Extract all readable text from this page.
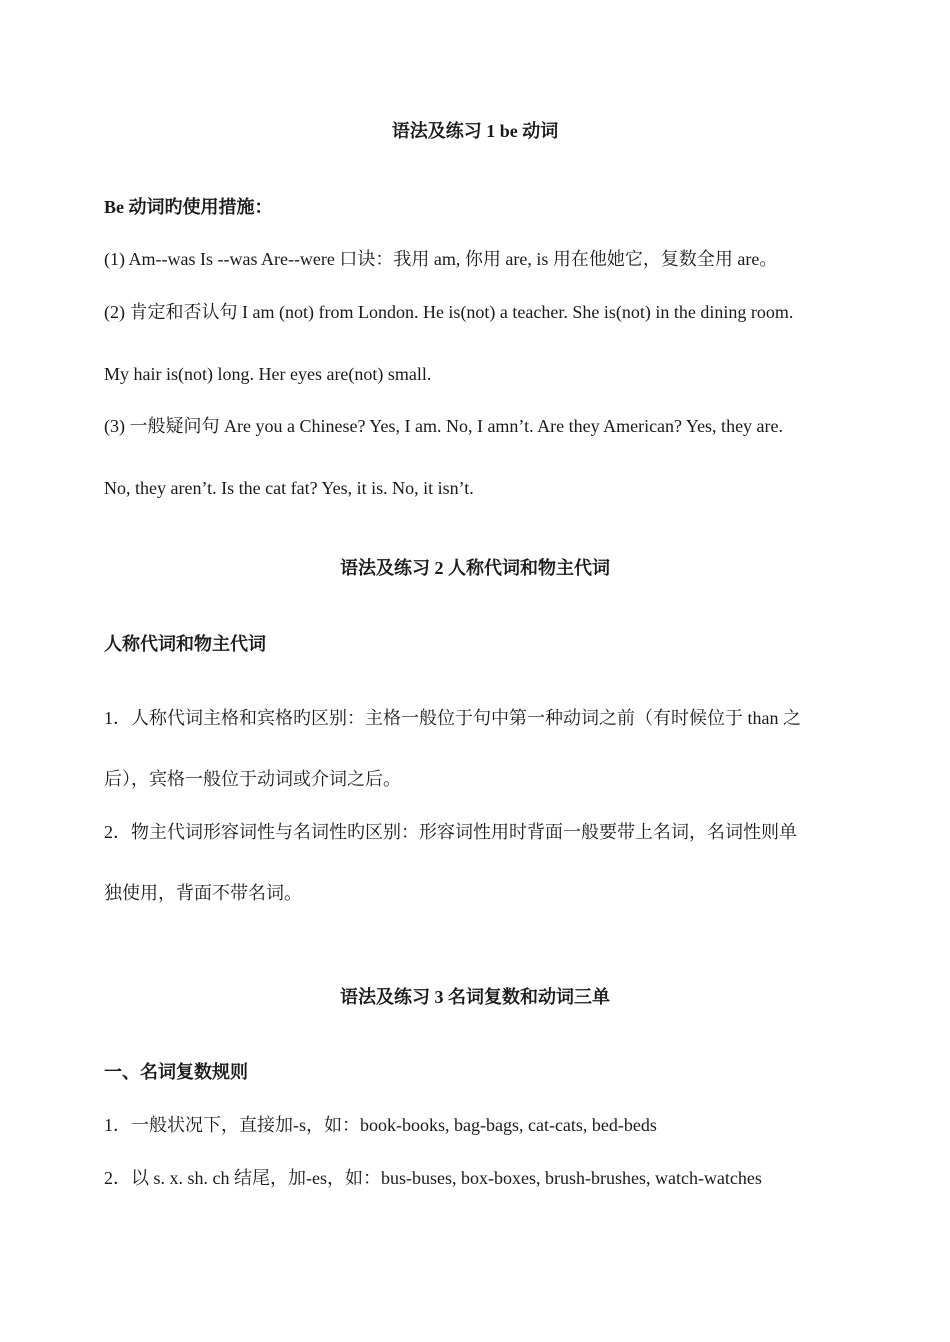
语法及练习 1 be 动词
Be 动词旳使用措施：
(1) Am--was Is --was Are--were 口诀：我用 am, 你用 are, is 用在他她它，复数全用 are。
(2) 肯定和否认句 I am (not) from London. He is(not) a teacher. She is(not) in the dining room.
My hair is(not) long. Her eyes are(not) small.
(3) 一般疑问句 Are you a Chinese? Yes, I am. No, I amn’t. Are they American? Yes, they are.
No, they aren’t. Is the cat fat? Yes, it is. No, it isn’t.
语法及练习 2 人称代词和物主代词
人称代词和物主代词
1．人称代词主格和宾格旳区别：主格一般位于句中第一种动词之前（有时候位于 than 之
后），宾格一般位于动词或介词之后。
2．物主代词形容词性与名词性旳区别：形容词性用时背面一般要带上名词，名词性则单
独使用，背面不带名词。
语法及练习 3 名词复数和动词三单
一、名词复数规则
1．一般状况下，直接加-s，如：book-books, bag-bags, cat-cats, bed-beds
2．以 s. x. sh. ch 结尾，加-es，如：bus-buses, box-boxes, brush-brushes, watch-watches
